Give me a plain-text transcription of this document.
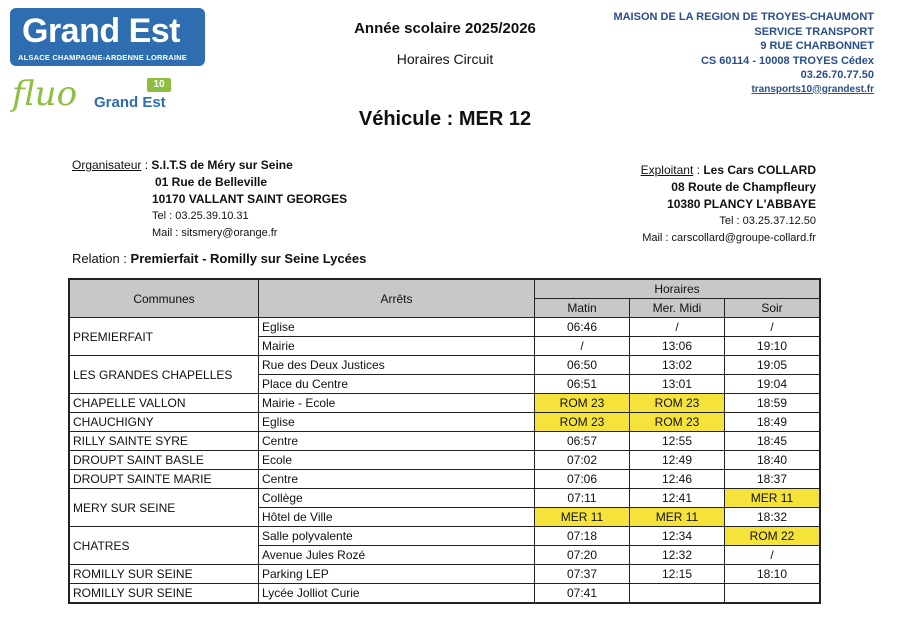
Grand Est
ALSACE CHAMPAGNE-ARDENNE LORRAINE
fluo Grand Est
10
Année scolaire 2025/2026
Horaires Circuit
Véhicule : MER 12
MAISON DE LA REGION DE TROYES-CHAUMONT
SERVICE TRANSPORT
9 RUE CHARBONNET
CS 60114 - 10008 TROYES Cédex
03.26.70.77.50
transports10@grandest.fr
Organisateur : S.I.T.S de Méry sur Seine
01 Rue de Belleville
10170 VALLANT SAINT GEORGES
Tel : 03.25.39.10.31
Mail : sitsmery@orange.fr
Exploitant : Les Cars COLLARD
08 Route de Champfleury
10380 PLANCY L'ABBAYE
Tel : 03.25.37.12.50
Mail : carscollard@groupe-collard.fr
Relation : Premierfait - Romilly sur Seine Lycées
Communes	Arrêts	Horaires		
		Matin	Mer. Midi	Soir
PREMIERFAIT	Eglise	06:46	/	/
	Mairie	/	13:06	19:10
LES GRANDES CHAPELLES	Rue des Deux Justices	06:50	13:02	19:05
	Place du Centre	06:51	13:01	19:04
CHAPELLE VALLON	Mairie - Ecole	ROM 23	ROM 23	18:59
CHAUCHIGNY	Eglise	ROM 23	ROM 23	18:49
RILLY SAINTE SYRE	Centre	06:57	12:55	18:45
DROUPT SAINT BASLE	Ecole	07:02	12:49	18:40
DROUPT SAINTE MARIE	Centre	07:06	12:46	18:37
MERY SUR SEINE	Collège	07:11	12:41	MER 11
	Hôtel de Ville	MER 11	MER 11	18:32
CHATRES	Salle polyvalente	07:18	12:34	ROM 22
	Avenue Jules Rozé	07:20	12:32	/
ROMILLY SUR SEINE	Parking LEP	07:37	12:15	18:10
ROMILLY SUR SEINE	Lycée Jolliot Curie	07:41		
